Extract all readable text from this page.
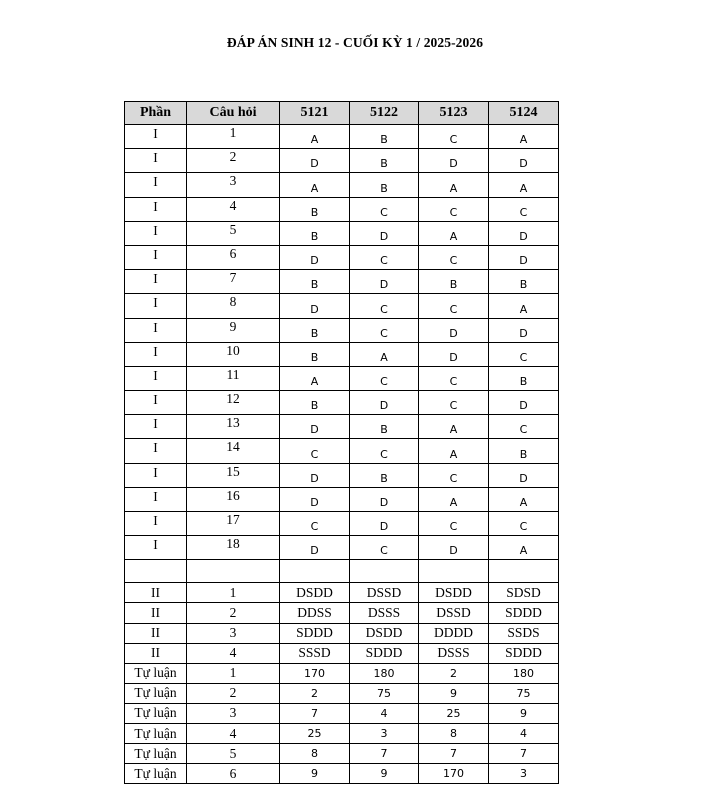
ĐÁP ÁN SINH 12 - CUỐI KỲ 1 / 2025-2026
Phần	Câu hỏi	5121	5122	5123	5124
I	1	A	B	C	A
I	2	D	B	D	D
I	3	A	B	A	A
I	4	B	C	C	C
I	5	B	D	A	D
I	6	D	C	C	D
I	7	B	D	B	B
I	8	D	C	C	A
I	9	B	C	D	D
I	10	B	A	D	C
I	11	A	C	C	B
I	12	B	D	C	D
I	13	D	B	A	C
I	14	C	C	A	B
I	15	D	B	C	D
I	16	D	D	A	A
I	17	C	D	C	C
I	18	D	C	D	A

II	1	DSDD	DSSD	DSDD	SDSD
II	2	DDSS	DSSS	DSSD	SDDD
II	3	SDDD	DSDD	DDDD	SSDS
II	4	SSSD	SDDD	DSSS	SDDD
Tự luận	1	170	180	2	180
Tự luận	2	2	75	9	75
Tự luận	3	7	4	25	9
Tự luận	4	25	3	8	4
Tự luận	5	8	7	7	7
Tự luận	6	9	9	170	3
